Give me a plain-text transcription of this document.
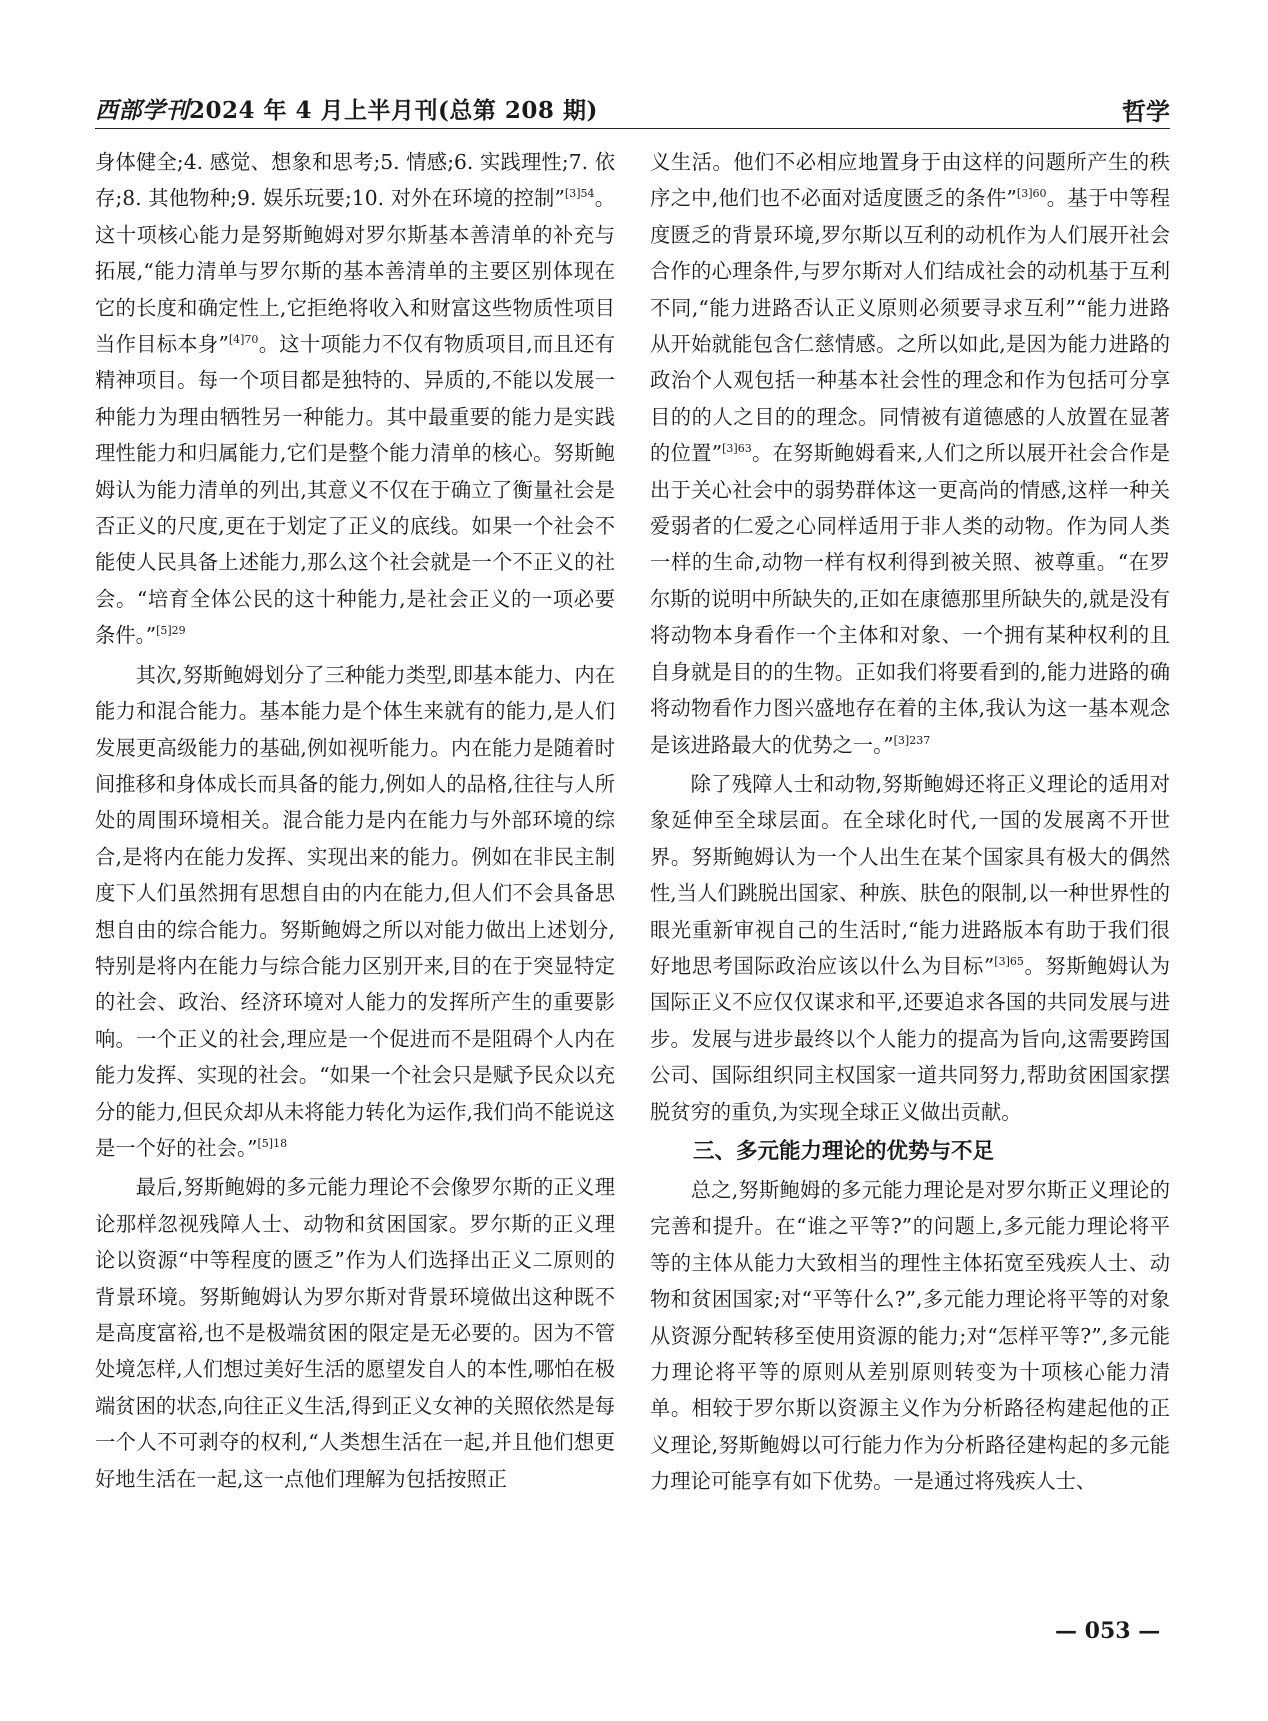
西部学刊2024 年 4 月上半月刊(总第 208 期)	哲学

身体健全;4. 感觉、想象和思考;5. 情感;6. 实践理性;7. 依存;8. 其他物种;9. 娱乐玩要;10. 对外在环境的控制”$^{[3]54}$。这十项核心能力是努斯鲍姆对罗尔斯基本善清单的补充与拓展,“能力清单与罗尔斯的基本善清单的主要区别体现在它的长度和确定性上,它拒绝将收入和财富这些物质性项目当作目标本身”$^{[4]70}$。这十项能力不仅有物质项目,而且还有精神项目。每一个项目都是独特的、异质的,不能以发展一种能力为理由牺牲另一种能力。其中最重要的能力是实践理性能力和归属能力,它们是整个能力清单的核心。努斯鲍姆认为能力清单的列出,其意义不仅在于确立了衡量社会是否正义的尺度,更在于划定了正义的底线。如果一个社会不能使人民具备上述能力,那么这个社会就是一个不正义的社会。“培育全体公民的这十种能力,是社会正义的一项必要条件。”$^{[5]29}$

其次,努斯鲍姆划分了三种能力类型,即基本能力、内在能力和混合能力。基本能力是个体生来就有的能力,是人们发展更高级能力的基础,例如视听能力。内在能力是随着时间推移和身体成长而具备的能力,例如人的品格,往往与人所处的周围环境相关。混合能力是内在能力与外部环境的综合,是将内在能力发挥、实现出来的能力。例如在非民主制度下人们虽然拥有思想自由的内在能力,但人们不会具备思想自由的综合能力。努斯鲍姆之所以对能力做出上述划分,特别是将内在能力与综合能力区别开来,目的在于突显特定的社会、政治、经济环境对人能力的发挥所产生的重要影响。一个正义的社会,理应是一个促进而不是阻碍个人内在能力发挥、实现的社会。“如果一个社会只是赋予民众以充分的能力,但民众却从未将能力转化为运作,我们尚不能说这是一个好的社会。”$^{[5]18}$

最后,努斯鲍姆的多元能力理论不会像罗尔斯的正义理论那样忽视残障人士、动物和贫困国家。罗尔斯的正义理论以资源“中等程度的匮乏”作为人们选择出正义二原则的背景环境。努斯鲍姆认为罗尔斯对背景环境做出这种既不是高度富裕,也不是极端贫困的限定是无必要的。因为不管处境怎样,人们想过美好生活的愿望发自人的本性,哪怕在极端贫困的状态,向往正义生活,得到正义女神的关照依然是每一个人不可剥夺的权利,“人类想生活在一起,并且他们想更好地生活在一起,这一点他们理解为包括按照正

义生活。他们不必相应地置身于由这样的问题所产生的秩序之中,他们也不必面对适度匮乏的条件”$^{[3]60}$。基于中等程度匮乏的背景环境,罗尔斯以互利的动机作为人们展开社会合作的心理条件,与罗尔斯对人们结成社会的动机基于互利不同,“能力进路否认正义原则必须要寻求互利”“能力进路从开始就能包含仁慈情感。之所以如此,是因为能力进路的政治个人观包括一种基本社会性的理念和作为包括可分享目的的人之目的的理念。同情被有道德感的人放置在显著的位置”$^{[3]63}$。在努斯鲍姆看来,人们之所以展开社会合作是出于关心社会中的弱势群体这一更高尚的情感,这样一种关爱弱者的仁爱之心同样适用于非人类的动物。作为同人类一样的生命,动物一样有权利得到被关照、被尊重。“在罗尔斯的说明中所缺失的,正如在康德那里所缺失的,就是没有将动物本身看作一个主体和对象、一个拥有某种权利的且自身就是目的的生物。正如我们将要看到的,能力进路的确将动物看作力图兴盛地存在着的主体,我认为这一基本观念是该进路最大的优势之一。”$^{[3]237}$

除了残障人士和动物,努斯鲍姆还将正义理论的适用对象延伸至全球层面。在全球化时代,一国的发展离不开世界。努斯鲍姆认为一个人出生在某个国家具有极大的偶然性,当人们跳脱出国家、种族、肤色的限制,以一种世界性的眼光重新审视自己的生活时,“能力进路版本有助于我们很好地思考国际政治应该以什么为目标”$^{[3]65}$。努斯鲍姆认为国际正义不应仅仅谋求和平,还要追求各国的共同发展与进步。发展与进步最终以个人能力的提高为旨向,这需要跨国公司、国际组织同主权国家一道共同努力,帮助贫困国家摆脱贫穷的重负,为实现全球正义做出贡献。

三、多元能力理论的优势与不足

总之,努斯鲍姆的多元能力理论是对罗尔斯正义理论的完善和提升。在“谁之平等?”的问题上,多元能力理论将平等的主体从能力大致相当的理性主体拓宽至残疾人士、动物和贫困国家;对“平等什么?”,多元能力理论将平等的对象从资源分配转移至使用资源的能力;对“怎样平等?”,多元能力理论将平等的原则从差别原则转变为十项核心能力清单。相较于罗尔斯以资源主义作为分析路径构建起他的正义理论,努斯鲍姆以可行能力作为分析路径建构起的多元能力理论可能享有如下优势。一是通过将残疾人士、

— 053 —
